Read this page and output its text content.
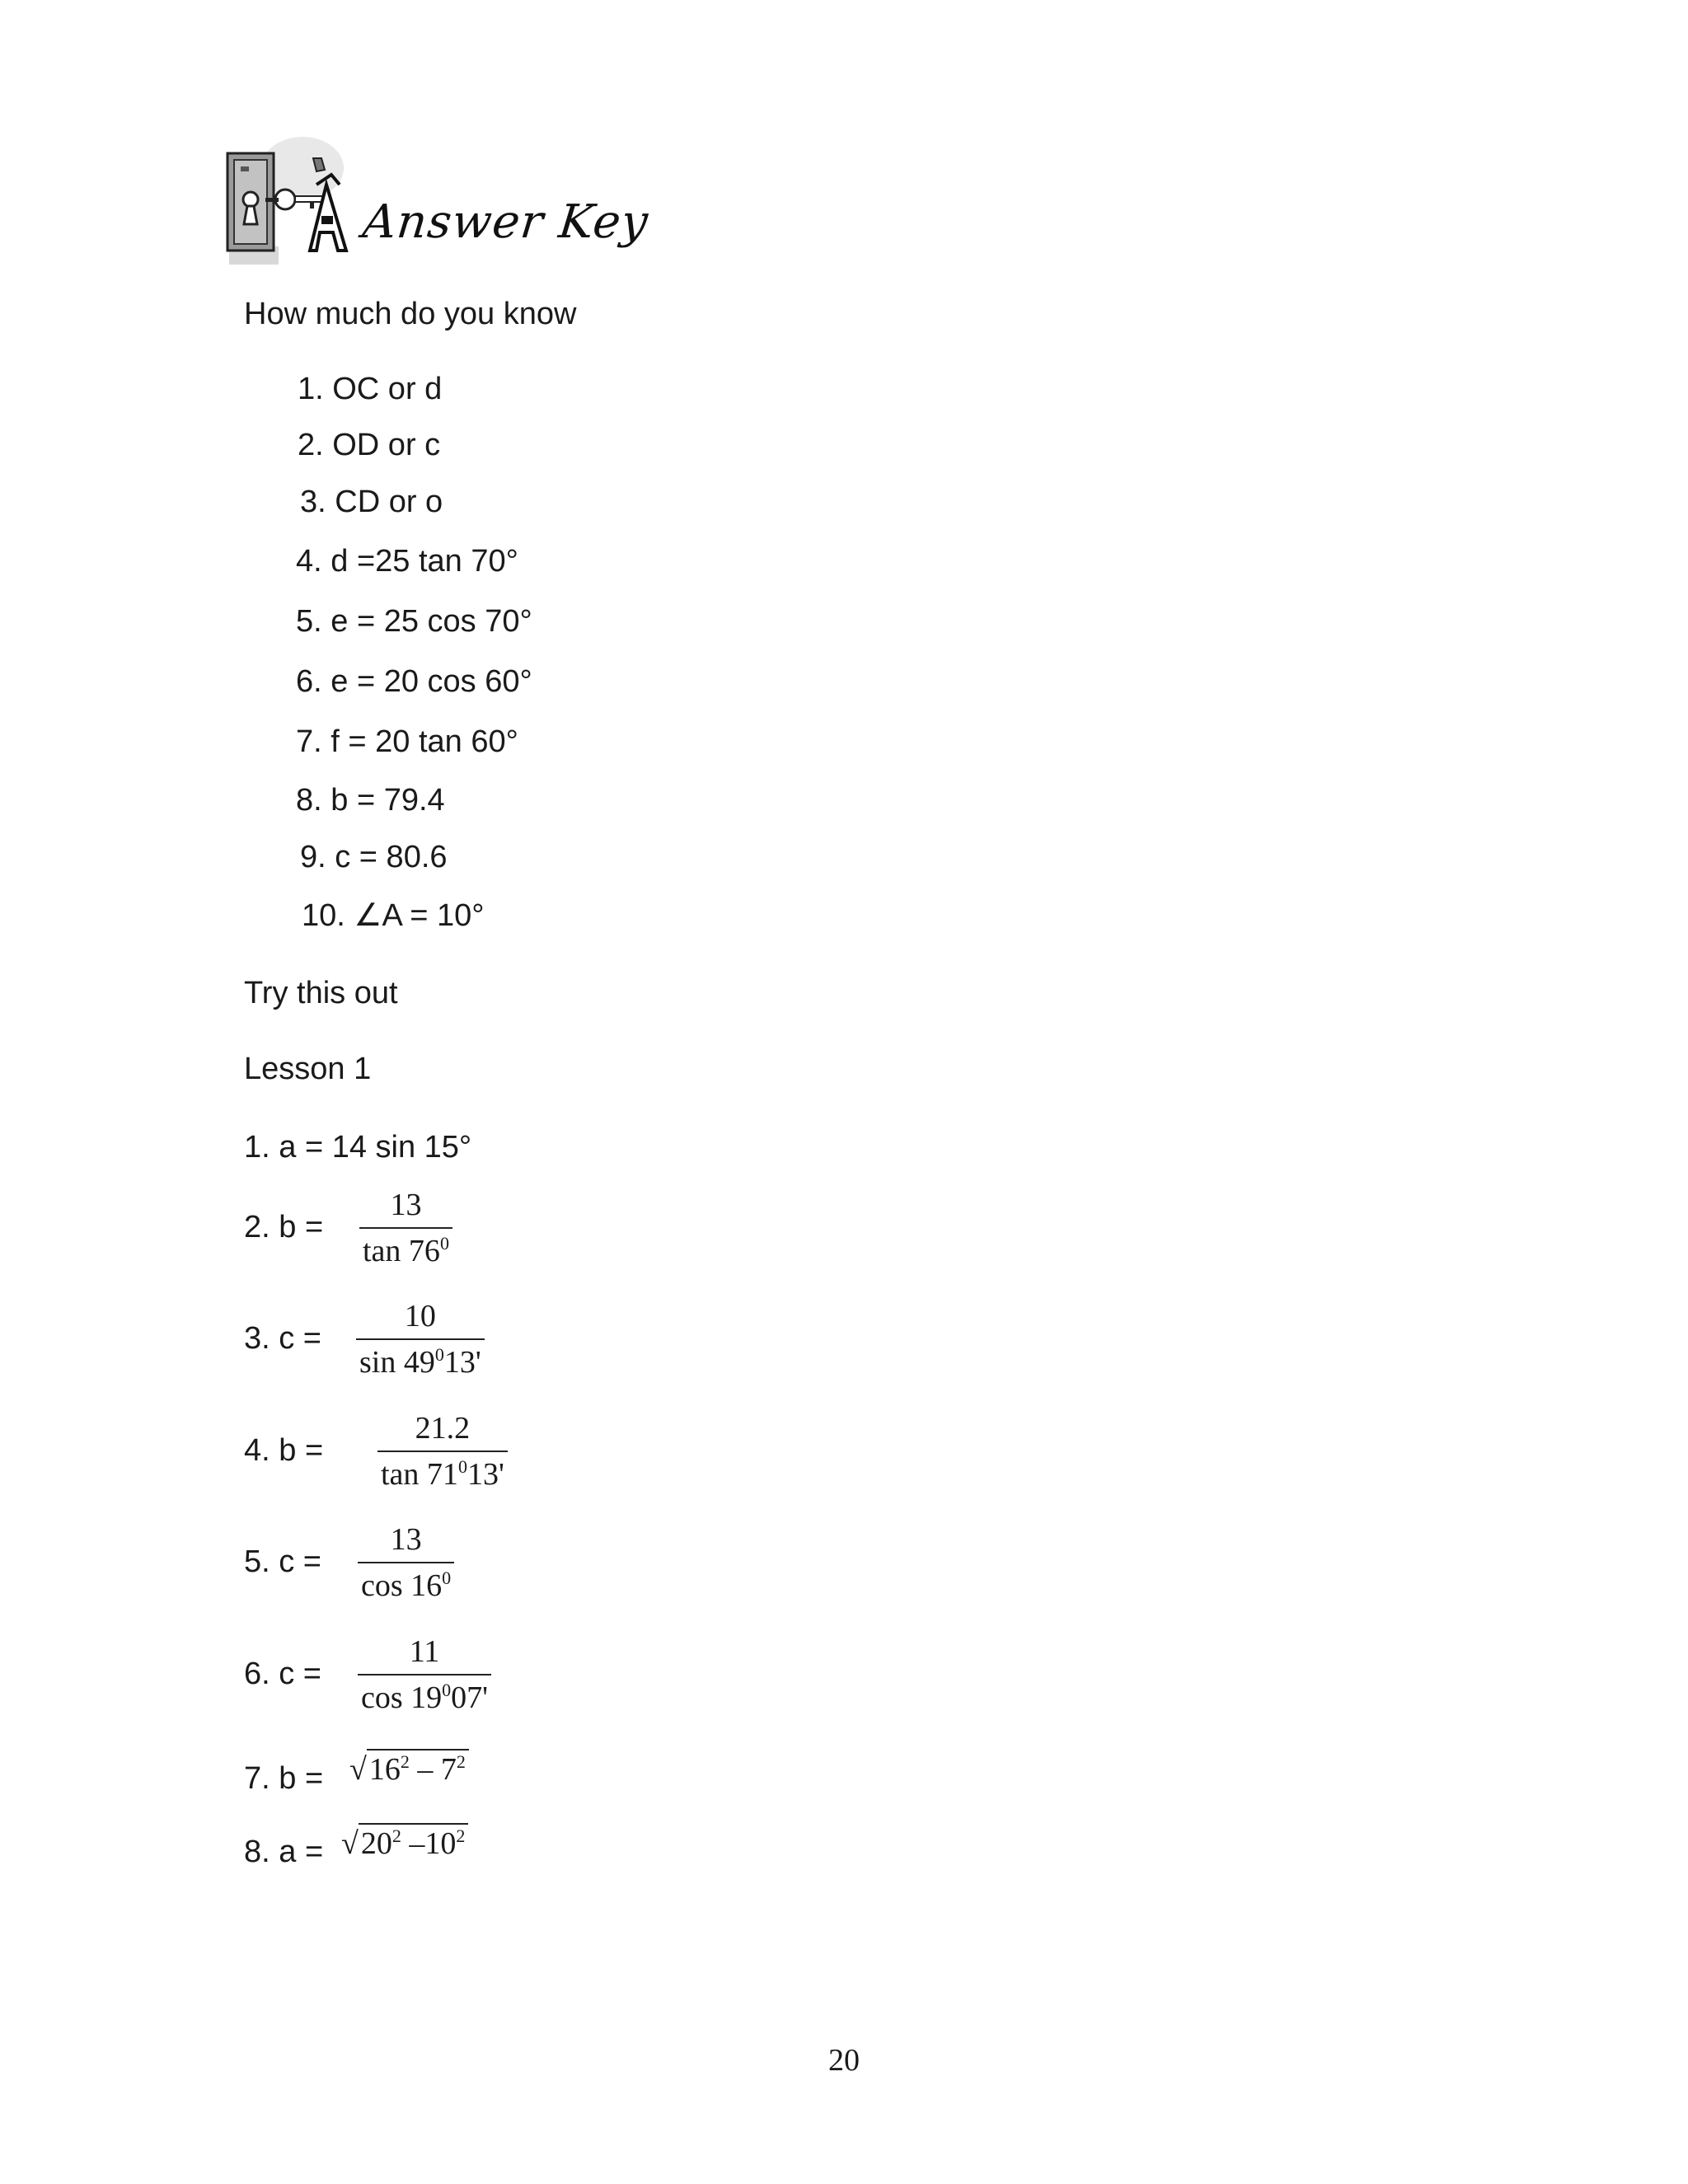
Answer Key
How much do you know
1. OC or d
2. OD or c
3. CD or o
4. d =25 tan 70°
5. e = 25 cos 70°
6. e = 20 cos 60°
7. f = 20 tan 60°
8. b = 79.4
9. c = 80.6
10. ∠A = 10°
Try this out
Lesson 1
1. a = 14 sin 15°
2. b =
13
$\tan 76^0$
3. c =
10
$\sin 49^013'$
4. b =
21.2
$\tan 71^013'$
5. c =
13
$\cos 16^0$
6. c =
11
$\cos 19^007'$
7. $b = √16^2 - 7^2$
8. $a = √20^2$ $-10^2$
20
